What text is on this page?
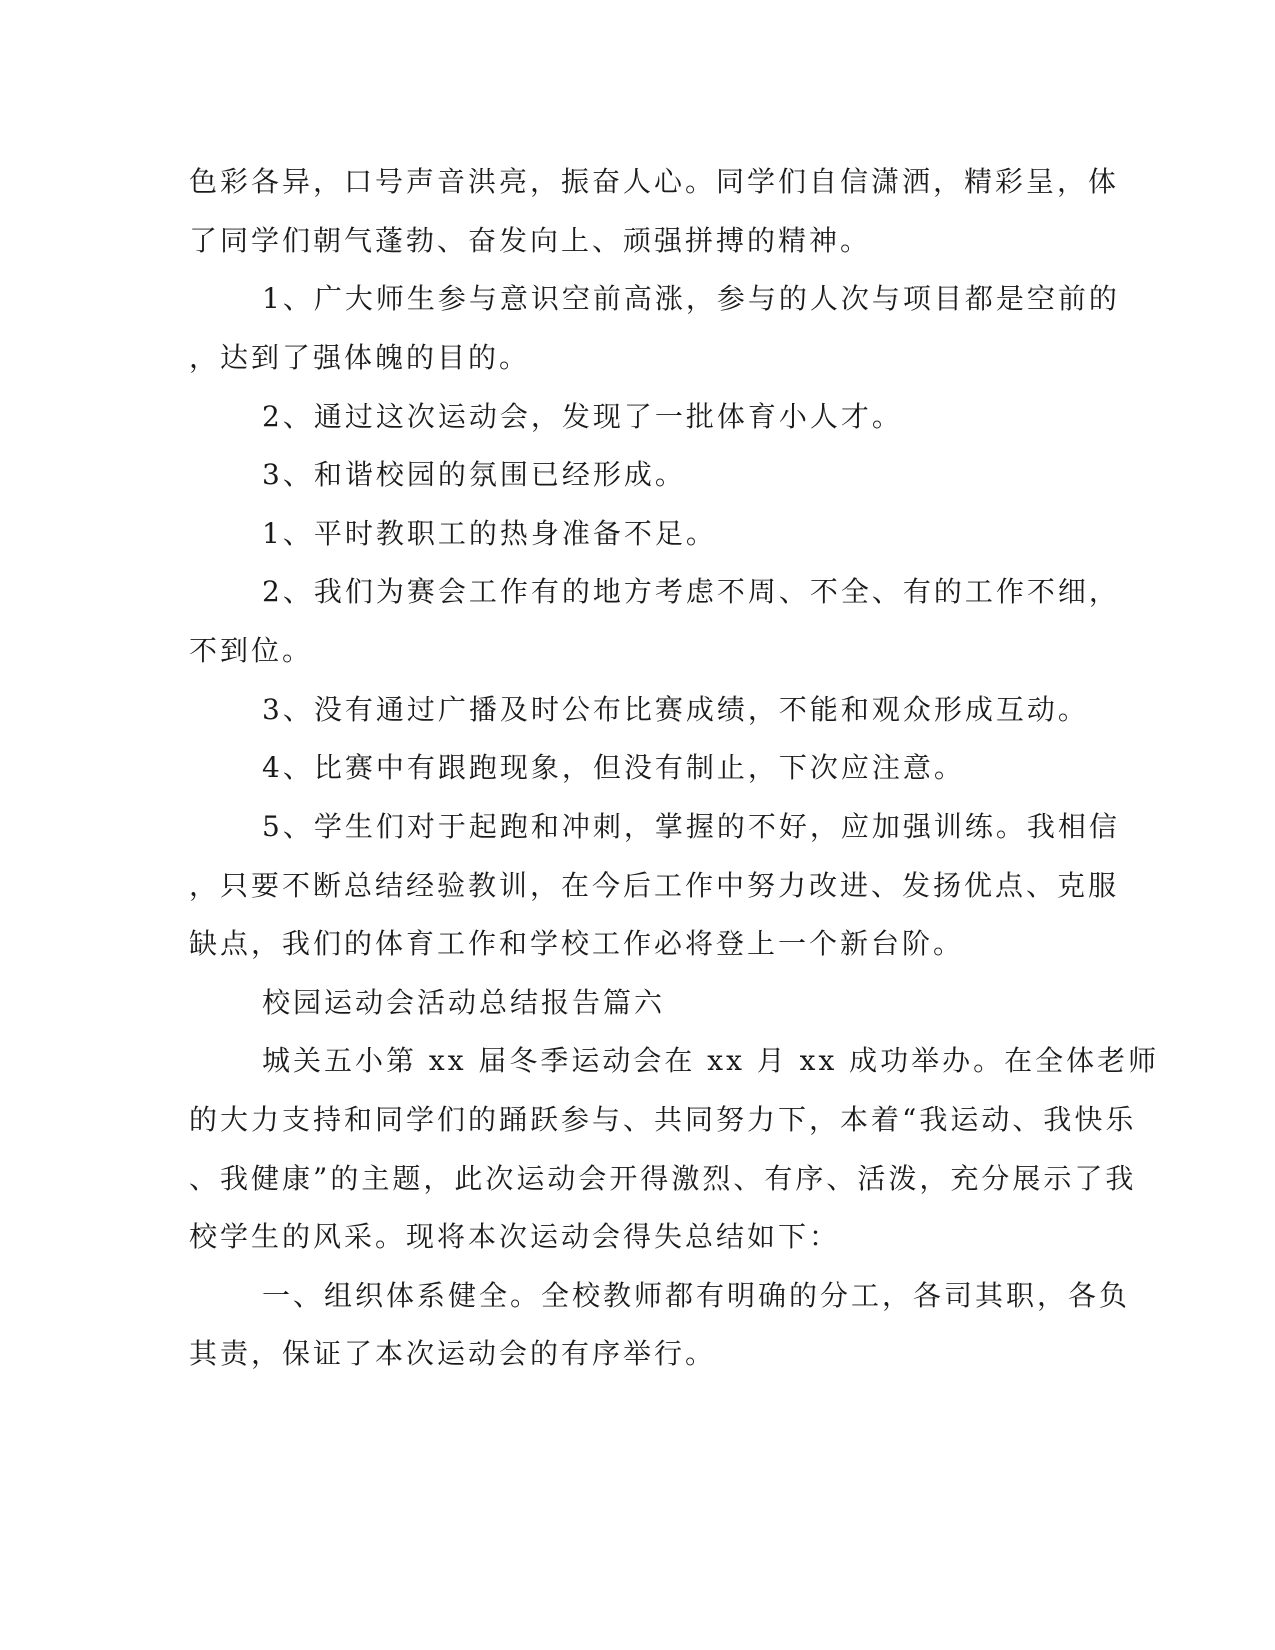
色彩各异，口号声音洪亮，振奋人心。同学们自信潇洒，精彩呈，体
了同学们朝气蓬勃、奋发向上、顽强拼搏的精神。
1、广大师生参与意识空前高涨，参与的人次与项目都是空前的
，达到了强体魄的目的。
2、通过这次运动会，发现了一批体育小人才。
3、和谐校园的氛围已经形成。
1、平时教职工的热身准备不足。
2、我们为赛会工作有的地方考虑不周、不全、有的工作不细，
不到位。
3、没有通过广播及时公布比赛成绩，不能和观众形成互动。
4、比赛中有跟跑现象，但没有制止，下次应注意。
5、学生们对于起跑和冲刺，掌握的不好，应加强训练。我相信
，只要不断总结经验教训，在今后工作中努力改进、发扬优点、克服
缺点，我们的体育工作和学校工作必将登上一个新台阶。
校园运动会活动总结报告篇六
城关五小第 xx 届冬季运动会在 xx 月 xx 成功举办。在全体老师
的大力支持和同学们的踊跃参与、共同努力下，本着“我运动、我快乐
、我健康”的主题，此次运动会开得激烈、有序、活泼，充分展示了我
校学生的风采。现将本次运动会得失总结如下：
一、组织体系健全。全校教师都有明确的分工，各司其职，各负
其责，保证了本次运动会的有序举行。
